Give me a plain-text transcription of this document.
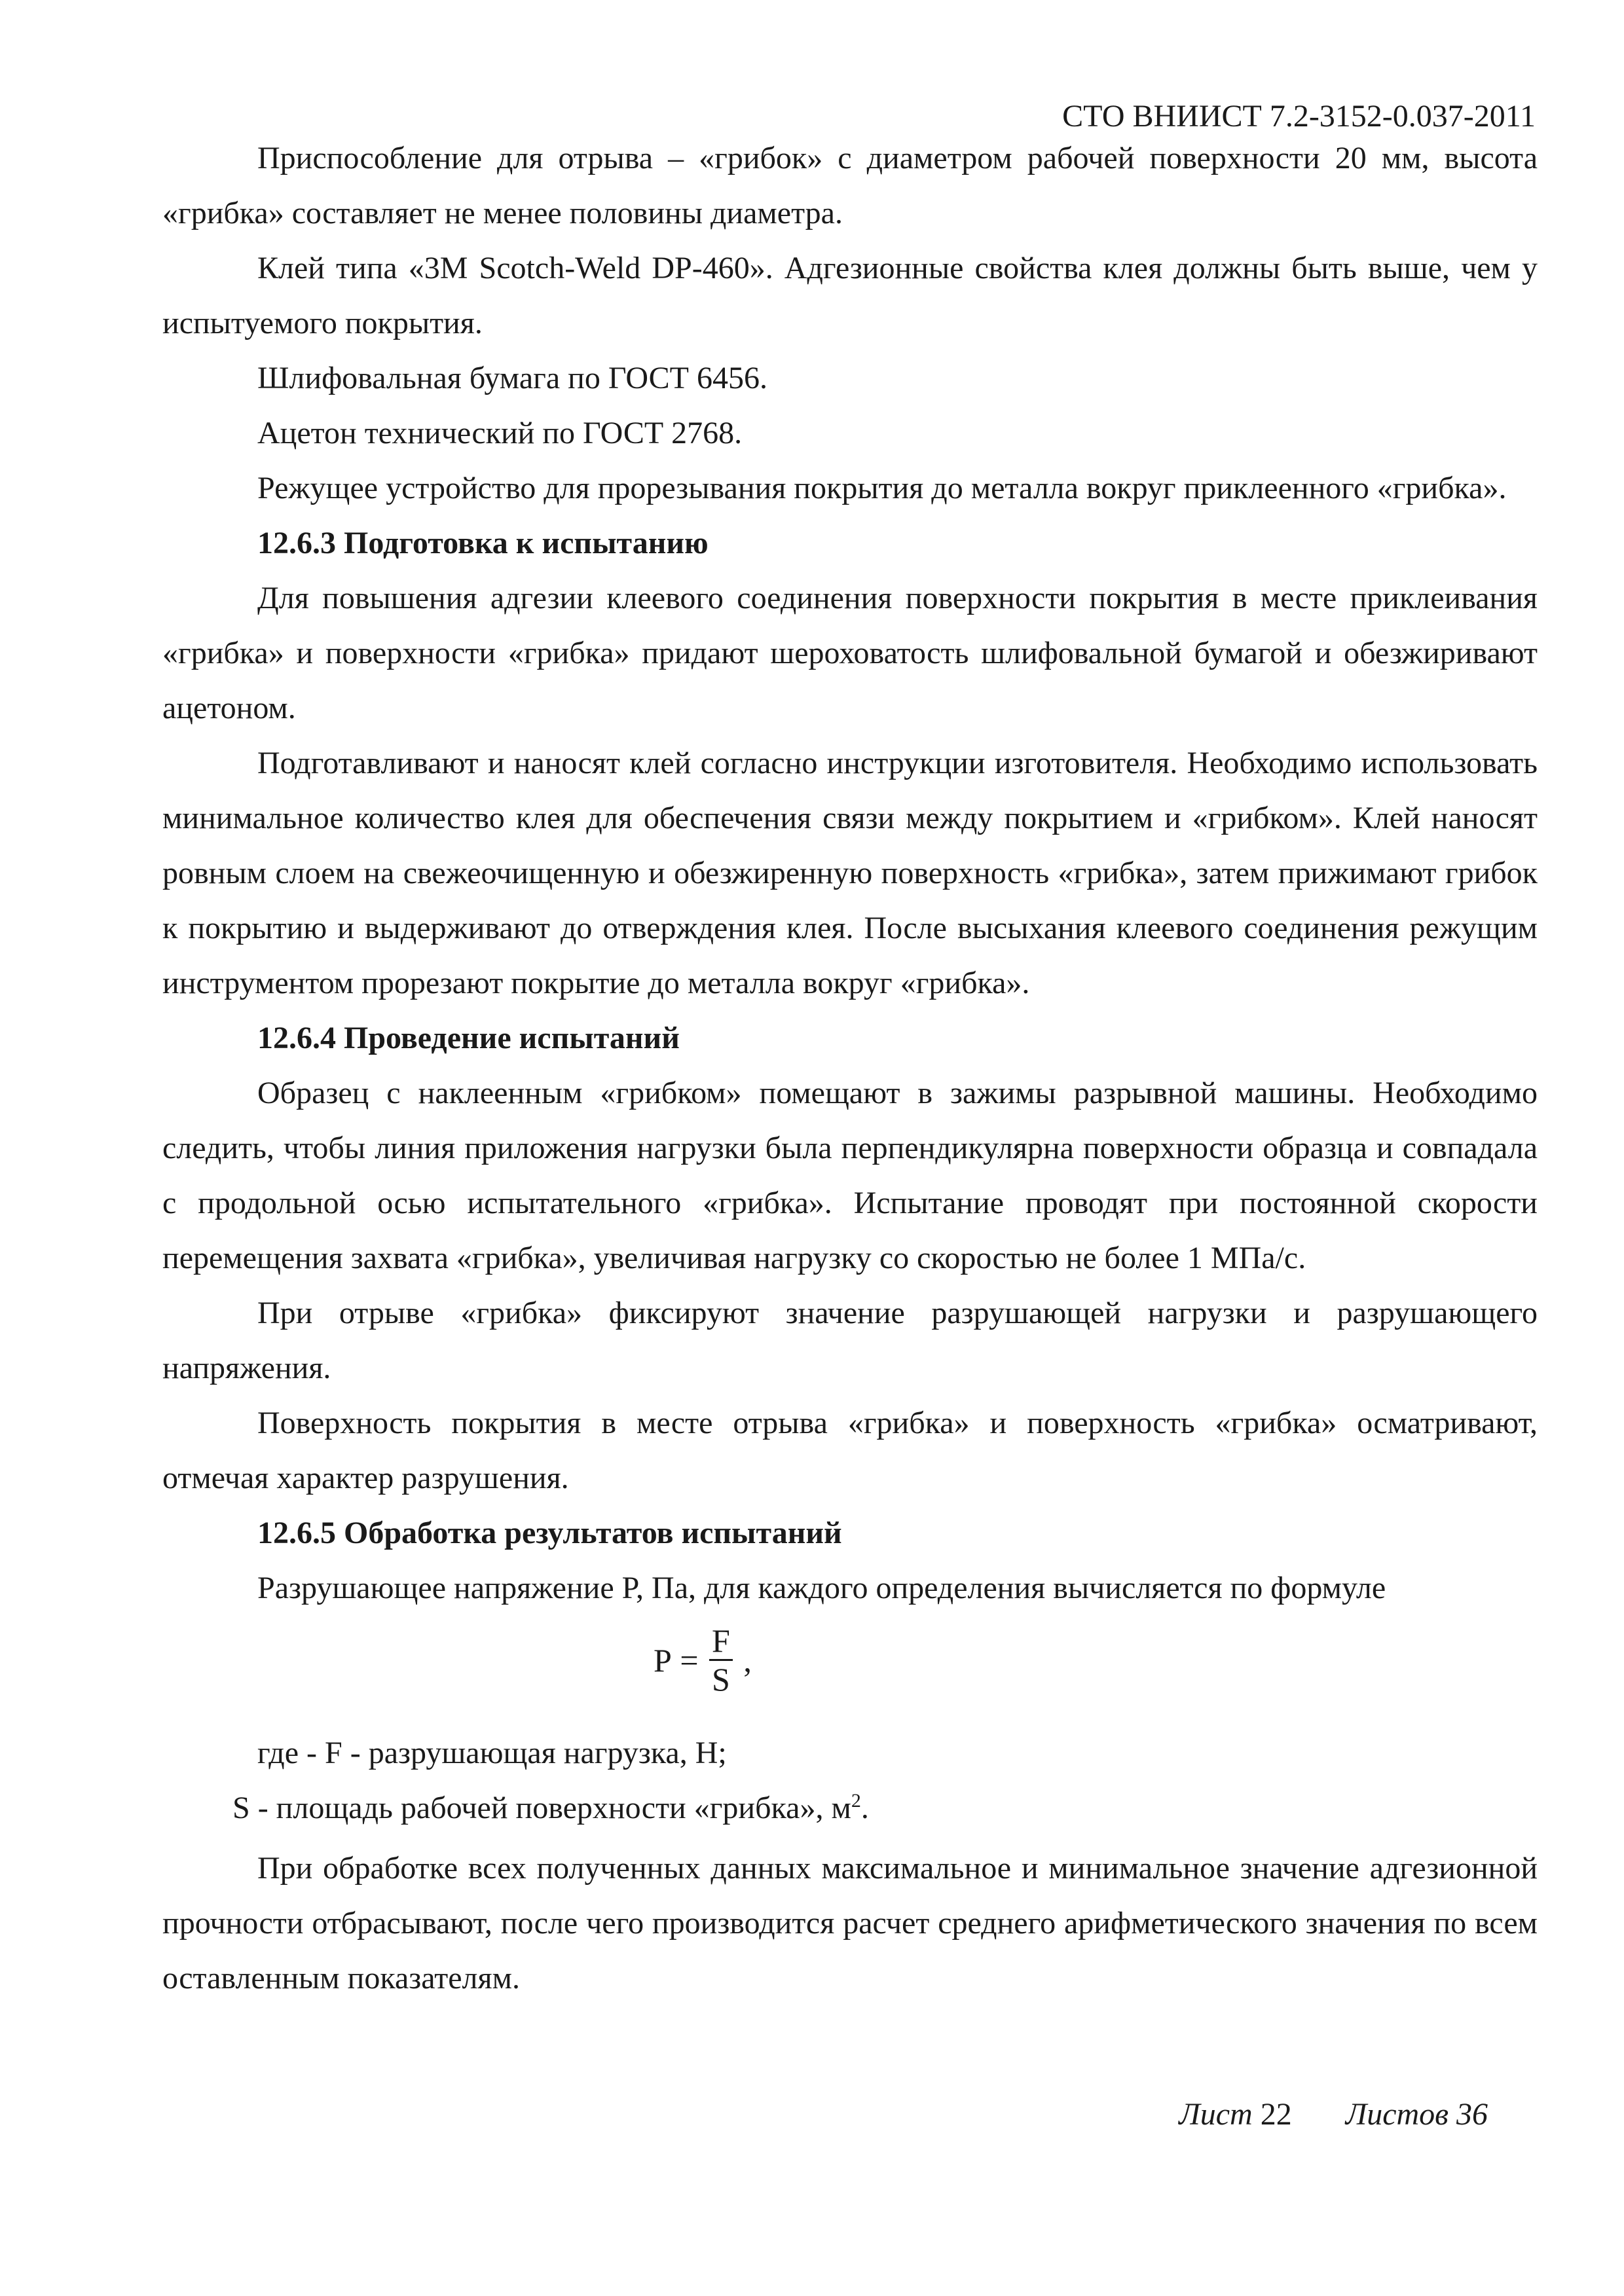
СТО ВНИИСТ 7.2-3152-0.037-2011

Приспособление для отрыва – «грибок» с диаметром рабочей поверхности 20 мм, высота «грибка» составляет не менее половины диаметра.

Клей типа «3M Scotch-Weld DP-460». Адгезионные свойства клея должны быть выше, чем у испытуемого покрытия.

Шлифовальная бумага по ГОСТ 6456.

Ацетон технический по ГОСТ 2768.

Режущее устройство для прорезывания покрытия до металла вокруг приклеенного «грибка».

12.6.3 Подготовка к испытанию

Для повышения адгезии клеевого соединения поверхности покрытия в месте приклеивания «грибка» и поверхности «грибка» придают шероховатость шлифовальной бумагой и обезжиривают ацетоном.

Подготавливают и наносят клей согласно инструкции изготовителя. Необходимо использовать минимальное количество клея для обеспечения связи между покрытием и «грибком». Клей наносят ровным слоем на свежеочищенную и обезжиренную поверхность «грибка», затем прижимают грибок к покрытию и выдерживают до отверждения клея. После высыхания клеевого соединения режущим инструментом прорезают покрытие до металла вокруг «грибка».

12.6.4 Проведение испытаний

Образец с наклеенным «грибком» помещают в зажимы разрывной машины. Необходимо следить, чтобы линия приложения нагрузки была перпендикулярна поверхности образца и совпадала с продольной осью испытательного «грибка». Испытание проводят при постоянной скорости перемещения захвата «грибка», увеличивая нагрузку со скоростью не более 1 МПа/с.

При отрыве «грибка» фиксируют значение разрушающей нагрузки и разрушающего напряжения.

Поверхность покрытия в месте отрыва «грибка» и поверхность «грибка» осматривают, отмечая характер разрушения.

12.6.5 Обработка результатов испытаний

Разрушающее напряжение P, Па, для каждого определения вычисляется по формуле

$P = \frac{F}{S}$ ,

где - F - разрушающая нагрузка, Н;

S - площадь рабочей поверхности «грибка», $м^2$.

При обработке всех полученных данных максимальное и минимальное значение адгезионной прочности отбрасывают, после чего производится расчет среднего арифметического значения по всем оставленным показателям.

Лист 22 Листов 36
